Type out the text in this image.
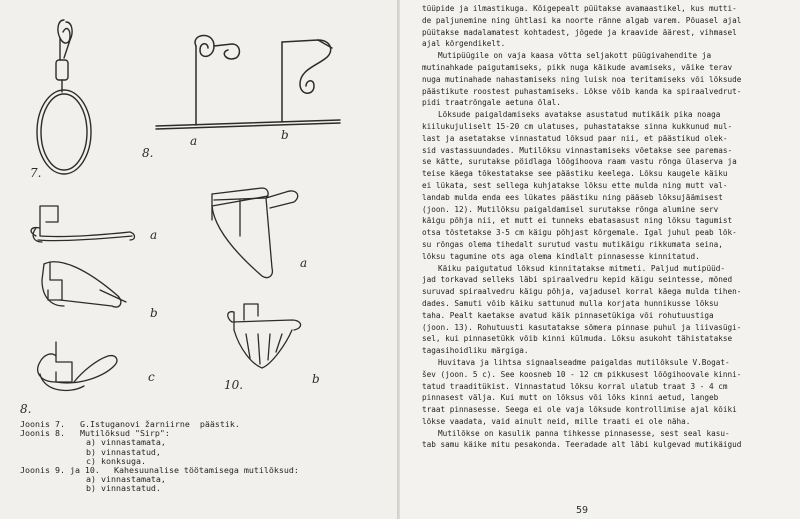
7.
8.
a	b
a
b
c
a
10.	b
8.
Joonis 7.	G.Istuganovi žarniirne  päästik.
Joonis 8.	Mutilõksud "Sirp":
a) vinnastamata,
b) vinnastatud,
c) konksuga.
Joonis 9. ja 10.	Kahesuunalise töötamisega mutilõksud:
a) vinnastamata,
b) vinnastatud.
tüüpide ja ilmastikuga. Kõigepealt püütakse avamaastikel, kus mutti-
de paljunemine ning ühtlasi ka noorte ränne algab varem. Põuasel ajal
püütakse madalamatest kohtadest, jõgede ja kraavide äärest, vihmasel
ajal kõrgendikelt.
Mutipüügile on vaja kaasa võtta seljakott püügivahendite ja
mutinahkade paigutamiseks, pikk nuga käikude avamiseks, väike terav
nuga mutinahade nahastamiseks ning luisk noa teritamiseks või lõksude
päästikute roostest puhastamiseks. Lõkse võib kanda ka spiraalvedrut-
pidi traatrõngale aetuna õlal.
Lõksude paigaldamiseks avatakse asustatud mutikäik pika noaga
kiilukujuliselt 15-20 cm ulatuses, puhastatakse sinna kukkunud mul-
last ja asetatakse vinnastatud lõksud paar nii, et päästikud olek-
sid vastassuundades. Mutilõksu vinnastamiseks võetakse see paremas-
se kätte, surutakse pöidlaga lõõgihoova raam vastu rõnga ülaserva ja
teise käega tõkestatakse see päästiku keelega. Lõksu kaugele käiku
ei lükata, sest sellega kuhjatakse lõksu ette mulda ning mutt val-
landab mulda enda ees lükates päästiku ning pääseb lõksujäämisest
(joon. 12). Mutilõksu paigaldamisel surutakse rõnga alumine serv
käigu põhja nii, et mutt ei tunneks ebatasasust ning lõksu tagumist
otsa tõstetakse 3-5 cm käigu põhjast kõrgemale. Igal juhul peab lõk-
su rõngas olema tihedalt surutud vastu mutikäigu rikkumata seina,
lõksu tagumine ots aga olema kindlalt pinnasesse kinnitatud.
Käiku paigutatud lõksud kinnitatakse mitmeti. Paljud mutipüüd-
jad torkavad selleks läbi spiraalvedru kepid käigu seintesse, mõned
suruvad spiraalvedru käigu põhja, vajadusel korral käega mulda tihen-
dades. Samuti võib käiku sattunud mulla korjata hunnikusse lõksu
taha. Pealt kaetakse avatud käik pinnasetükiga või rohutuustiga
(joon. 13). Rohutuusti kasutatakse sõmera pinnase puhul ja liivasügi-
sel, kui pinnasetükk võib kinni külmuda. Lõksu asukoht tähistatakse
tagasihoidliku märgiga.
Huvitava ja lihtsa signaalseadme paigaldas mutilõksule V.Bogat-
šev (joon. 5 c). See koosneb 10 - 12 cm pikkusest lõõgihoovale kinni-
tatud traaditükist. Vinnastatud lõksu korral ulatub traat 3 - 4 cm
pinnasest välja. Kui mutt on lõksus või lõks kinni aetud, langeb
traat pinnasesse. Seega ei ole vaja lõksude kontrollimise ajal kõiki
lõkse vaadata, vaid ainult neid, mille traati ei ole näha.
Mutilõkse on kasulik panna tihkesse pinnasesse, sest seal kasu-
tab samu käike mitu pesakonda. Teeradade alt läbi kulgevad mutikäigud
59
